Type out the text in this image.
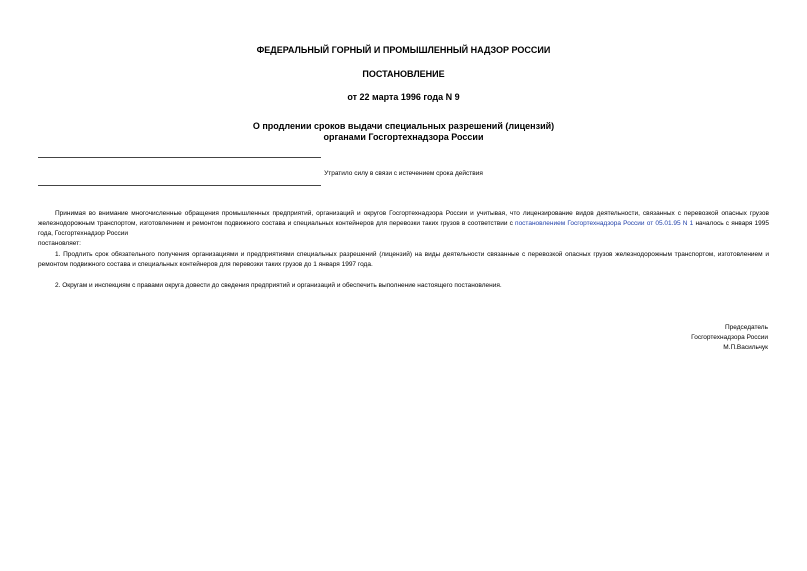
ФЕДЕРАЛЬНЫЙ ГОРНЫЙ И ПРОМЫШЛЕННЫЙ НАДЗОР РОССИИ
ПОСТАНОВЛЕНИЕ
от 22 марта 1996 года N 9
О продлении сроков выдачи специальных разрешений (лицензий)
органами Госгортехнадзора России
Утратило силу в связи с истечением срока действия

Принимая во внимание многочисленные обращения промышленных предприятий, организаций и округов Госгортехнадзора России и учитывая, что лицензирование видов деятельности, связанных с перевозкой опасных грузов железнодорожным транспортом, изготовлением и ремонтом подвижного состава и специальных контейнеров для перевозки таких грузов в соответствии с постановлением Госгортехнадзора России от 05.01.95 N 1 началось с января 1995 года, Госгортехнадзор России

постановляет:

1. Продлить срок обязательного получения организациями и предприятиями специальных разрешений (лицензий) на виды деятельности связанные с перевозкой опасных грузов железнодорожным транспортом, изготовлением и ремонтом подвижного состава и специальных контейнеров для перевозки таких грузов до 1 января 1997 года.

2. Округам и инспекциям с правами округа довести до сведения предприятий и организаций и обеспечить выполнение настоящего постановления.

Председатель
Госгортехнадзора России
М.П.Васильчук
